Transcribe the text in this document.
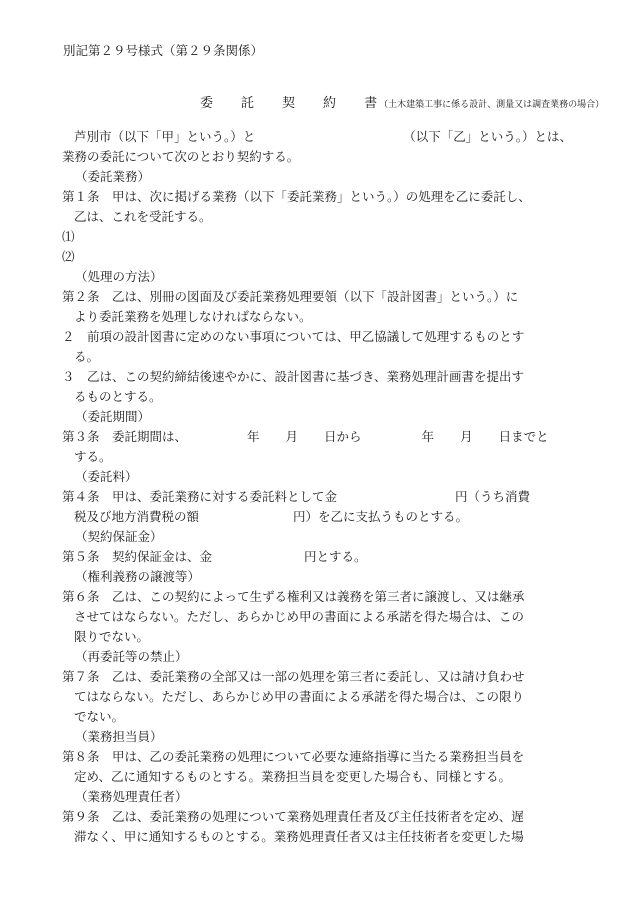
別記第２９号様式（第２９条関係）
委 託 契 約 書 （土木建築工事に係る設計、測量又は調査業務の場合）
芦別市（以下「甲」という。）と	（以下「乙」という。）とは、
業務の委託について次のとおり契約する。
（委託業務）
第１条　甲は、次に掲げる業務（以下「委託業務」という。）の処理を乙に委託し、
乙は、これを受託する。
⑴
⑵
（処理の方法）
第２条　乙は、別冊の図面及び委託業務処理要領（以下「設計図書」という。）に
より委託業務を処理しなければならない。
２　前項の設計図書に定めのない事項については、甲乙協議して処理するものとす
る。
３　乙は、この契約締結後速やかに、設計図書に基づき、業務処理計画書を提出す
るものとする。
（委託期間）
第３条　委託期間は、	年 月 日から	年 月 日までと
する。
（委託料）
第４条　甲は、委託業務に対する委託料として金	円（うち消費
税及び地方消費税の額	円）を乙に支払うものとする。
（契約保証金）
第５条　契約保証金は、金	円とする。
（権利義務の譲渡等）
第６条　乙は、この契約によって生ずる権利又は義務を第三者に譲渡し、又は継承
させてはならない。ただし、あらかじめ甲の書面による承諾を得た場合は、この
限りでない。
（再委託等の禁止）
第７条　乙は、委託業務の全部又は一部の処理を第三者に委託し、又は請け負わせ
てはならない。ただし、あらかじめ甲の書面による承諾を得た場合は、この限り
でない。
（業務担当員）
第８条　甲は、乙の委託業務の処理について必要な連絡指導に当たる業務担当員を
定め、乙に通知するものとする。業務担当員を変更した場合も、同様とする。
（業務処理責任者）
第９条　乙は、委託業務の処理について業務処理責任者及び主任技術者を定め、遅
滞なく、甲に通知するものとする。業務処理責任者又は主任技術者を変更した場
